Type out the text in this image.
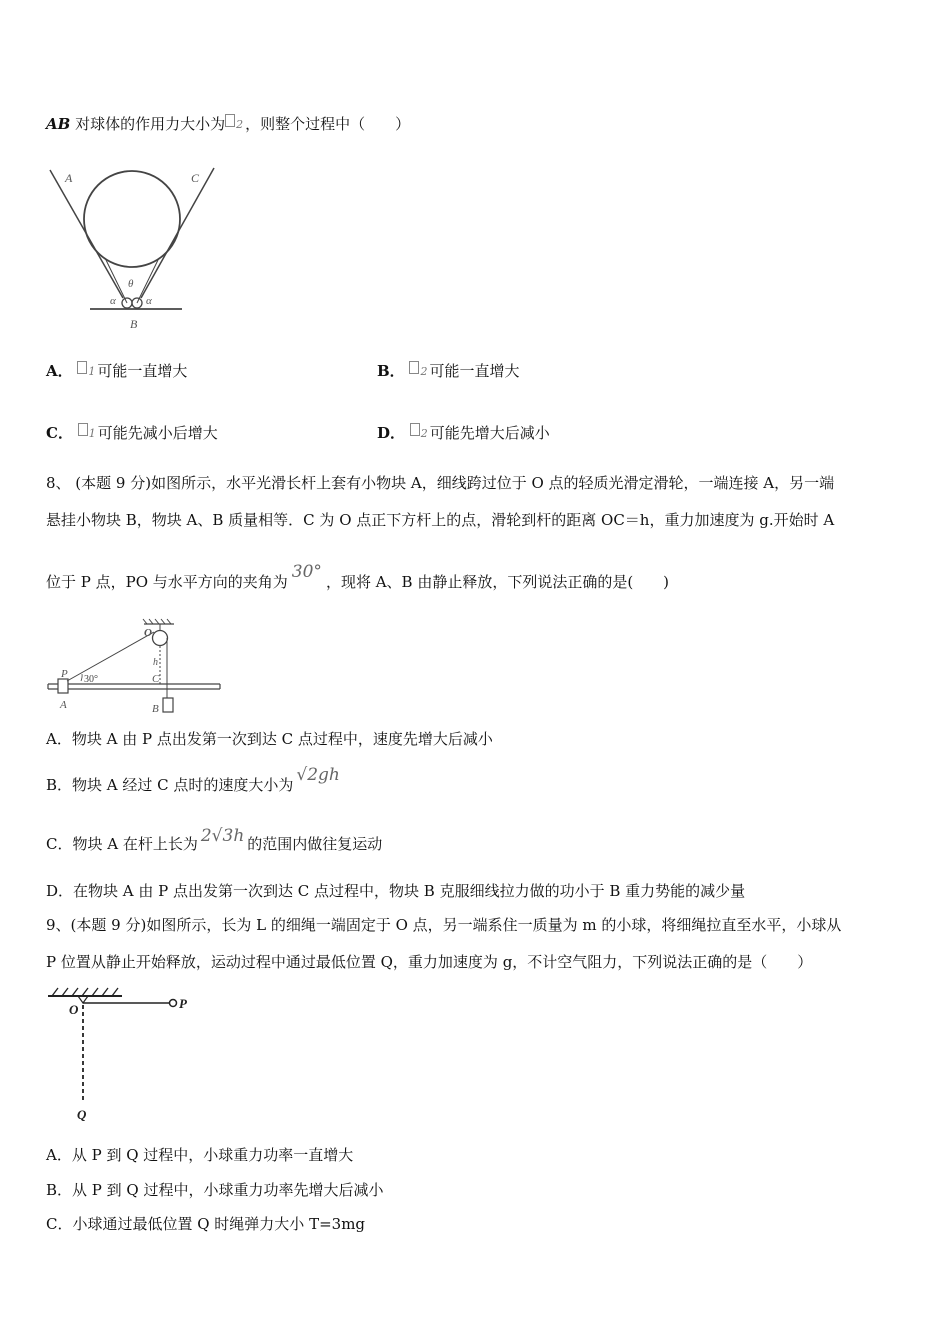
AB 对球体的作用力大小为 2 ，则整个过程中（　　）
A	C
θ
α	α
B
A． 1 可能一直增大	B． 2 可能一直增大
C． 1 可能先减小后增大	D． 2 可能先增大后减小
8、 (本题 9 分)如图所示，水平光滑长杆上套有小物块 A，细线跨过位于 O 点的轻质光滑定滑轮，一端连接 A，另一端
悬挂小物块 B，物块 A、B 质量相等．C 为 O 点正下方杆上的点，滑轮到杆的距离 OC＝h，重力加速度为 g.开始时 A
位于 P 点，PO 与水平方向的夹角为 30° ，现将 A、B 由静止释放，下列说法正确的是(　　)
O
h
P 30°	C
A	B
A．物块 A 由 P 点出发第一次到达 C 点过程中，速度先增大后减小
B．物块 A 经过 C 点时的速度大小为 √2gh
C．物块 A 在杆上长为 2√3h 的范围内做往复运动
D．在物块 A 由 P 点出发第一次到达 C 点过程中，物块 B 克服细线拉力做的功小于 B 重力势能的减少量
9、(本题 9 分)如图所示，长为 L 的细绳一端固定于 O 点，另一端系住一质量为 m 的小球，将细绳拉直至水平，小球从
P 位置从静止开始释放，运动过程中通过最低位置 Q，重力加速度为 g，不计空气阻力，下列说法正确的是（　　）
O	P
Q
A．从 P 到 Q 过程中，小球重力功率一直增大
B．从 P 到 Q 过程中，小球重力功率先增大后减小
C．小球通过最低位置 Q 时绳弹力大小 T=3mg
